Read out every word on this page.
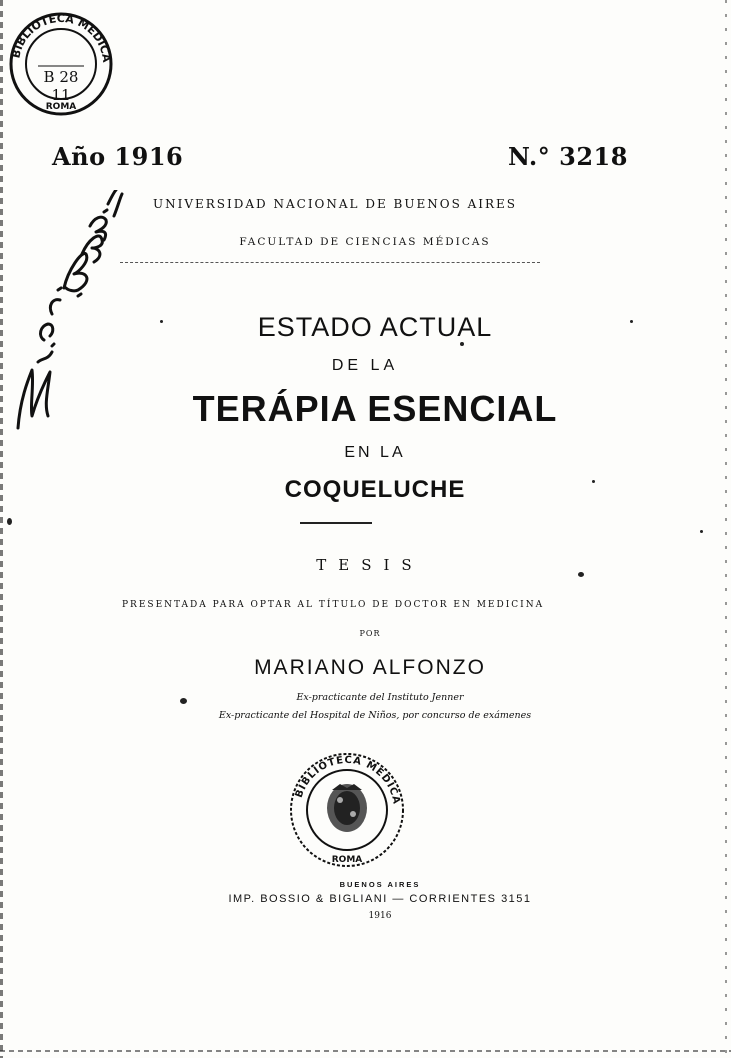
BIBLIOTECA MEDICA
ROMA
B 28
11
Año 1916	N.° 3218
UNIVERSIDAD NACIONAL DE BUENOS AIRES
FACULTAD DE CIENCIAS MÉDICAS
ESTADO ACTUAL
DE LA
TERÁPIA ESENCIAL
EN LA
COQUELUCHE
TESIS
PRESENTADA PARA OPTAR AL TÍTULO DE DOCTOR EN MEDICINA
POR
MARIANO ALFONZO
Ex-practicante del Instituto Jenner
Ex-practicante del Hospital de Niños, por concurso de exámenes
BIBLIOTECA MEDICA
ROMA
BUENOS AIRES
IMP. BOSSIO & BIGLIANI — CORRIENTES 3151
1916
